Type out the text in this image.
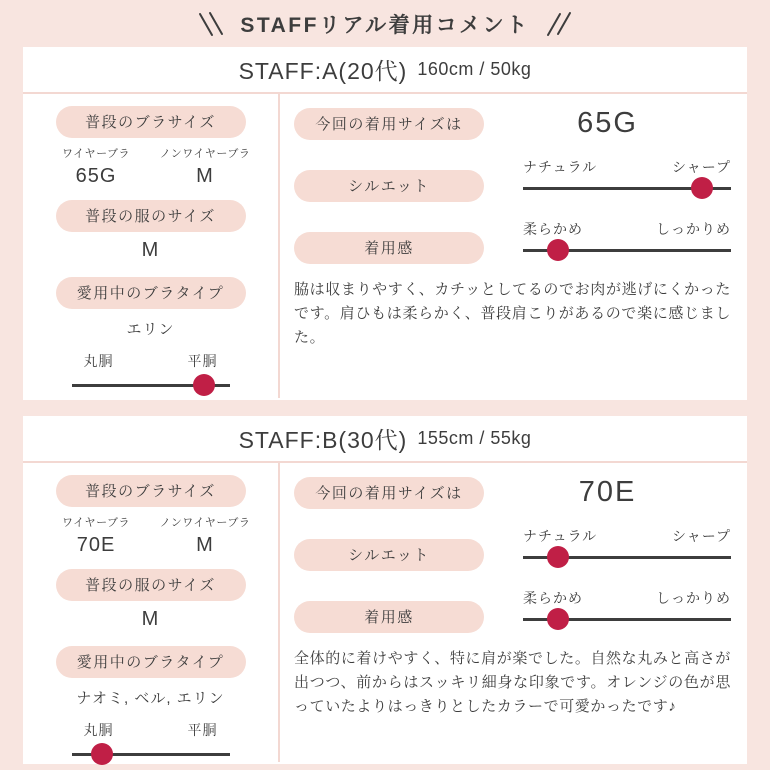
STAFFリアル着用コメント
STAFF:A(20代) 160cm / 50kg
普段のブラサイズ
ワイヤーブラ
65G
ノンワイヤーブラ
M
普段の服のサイズ
M
愛用中のブラタイプ
エリン
丸胴	平胴
今回の着用サイズは	65G
シルエット
ナチュラル	シャープ
着用感
柔らかめ	しっかりめ

脇は収まりやすく、カチッとしてるのでお肉が逃げにくかったです。肩ひもは柔らかく、普段肩こりがあるので楽に感じました。

STAFF:B(30代) 155cm / 55kg
普段のブラサイズ
ワイヤーブラ
70E
ノンワイヤーブラ
M
普段の服のサイズ
M
愛用中のブラタイプ
ナオミ, ベル, エリン
丸胴	平胴
今回の着用サイズは	70E
シルエット
ナチュラル	シャープ
着用感
柔らかめ	しっかりめ

全体的に着けやすく、特に肩が楽でした。自然な丸みと高さが出つつ、前からはスッキリ細身な印象です。オレンジの色が思っていたよりはっきりとしたカラーで可愛かったです♪
